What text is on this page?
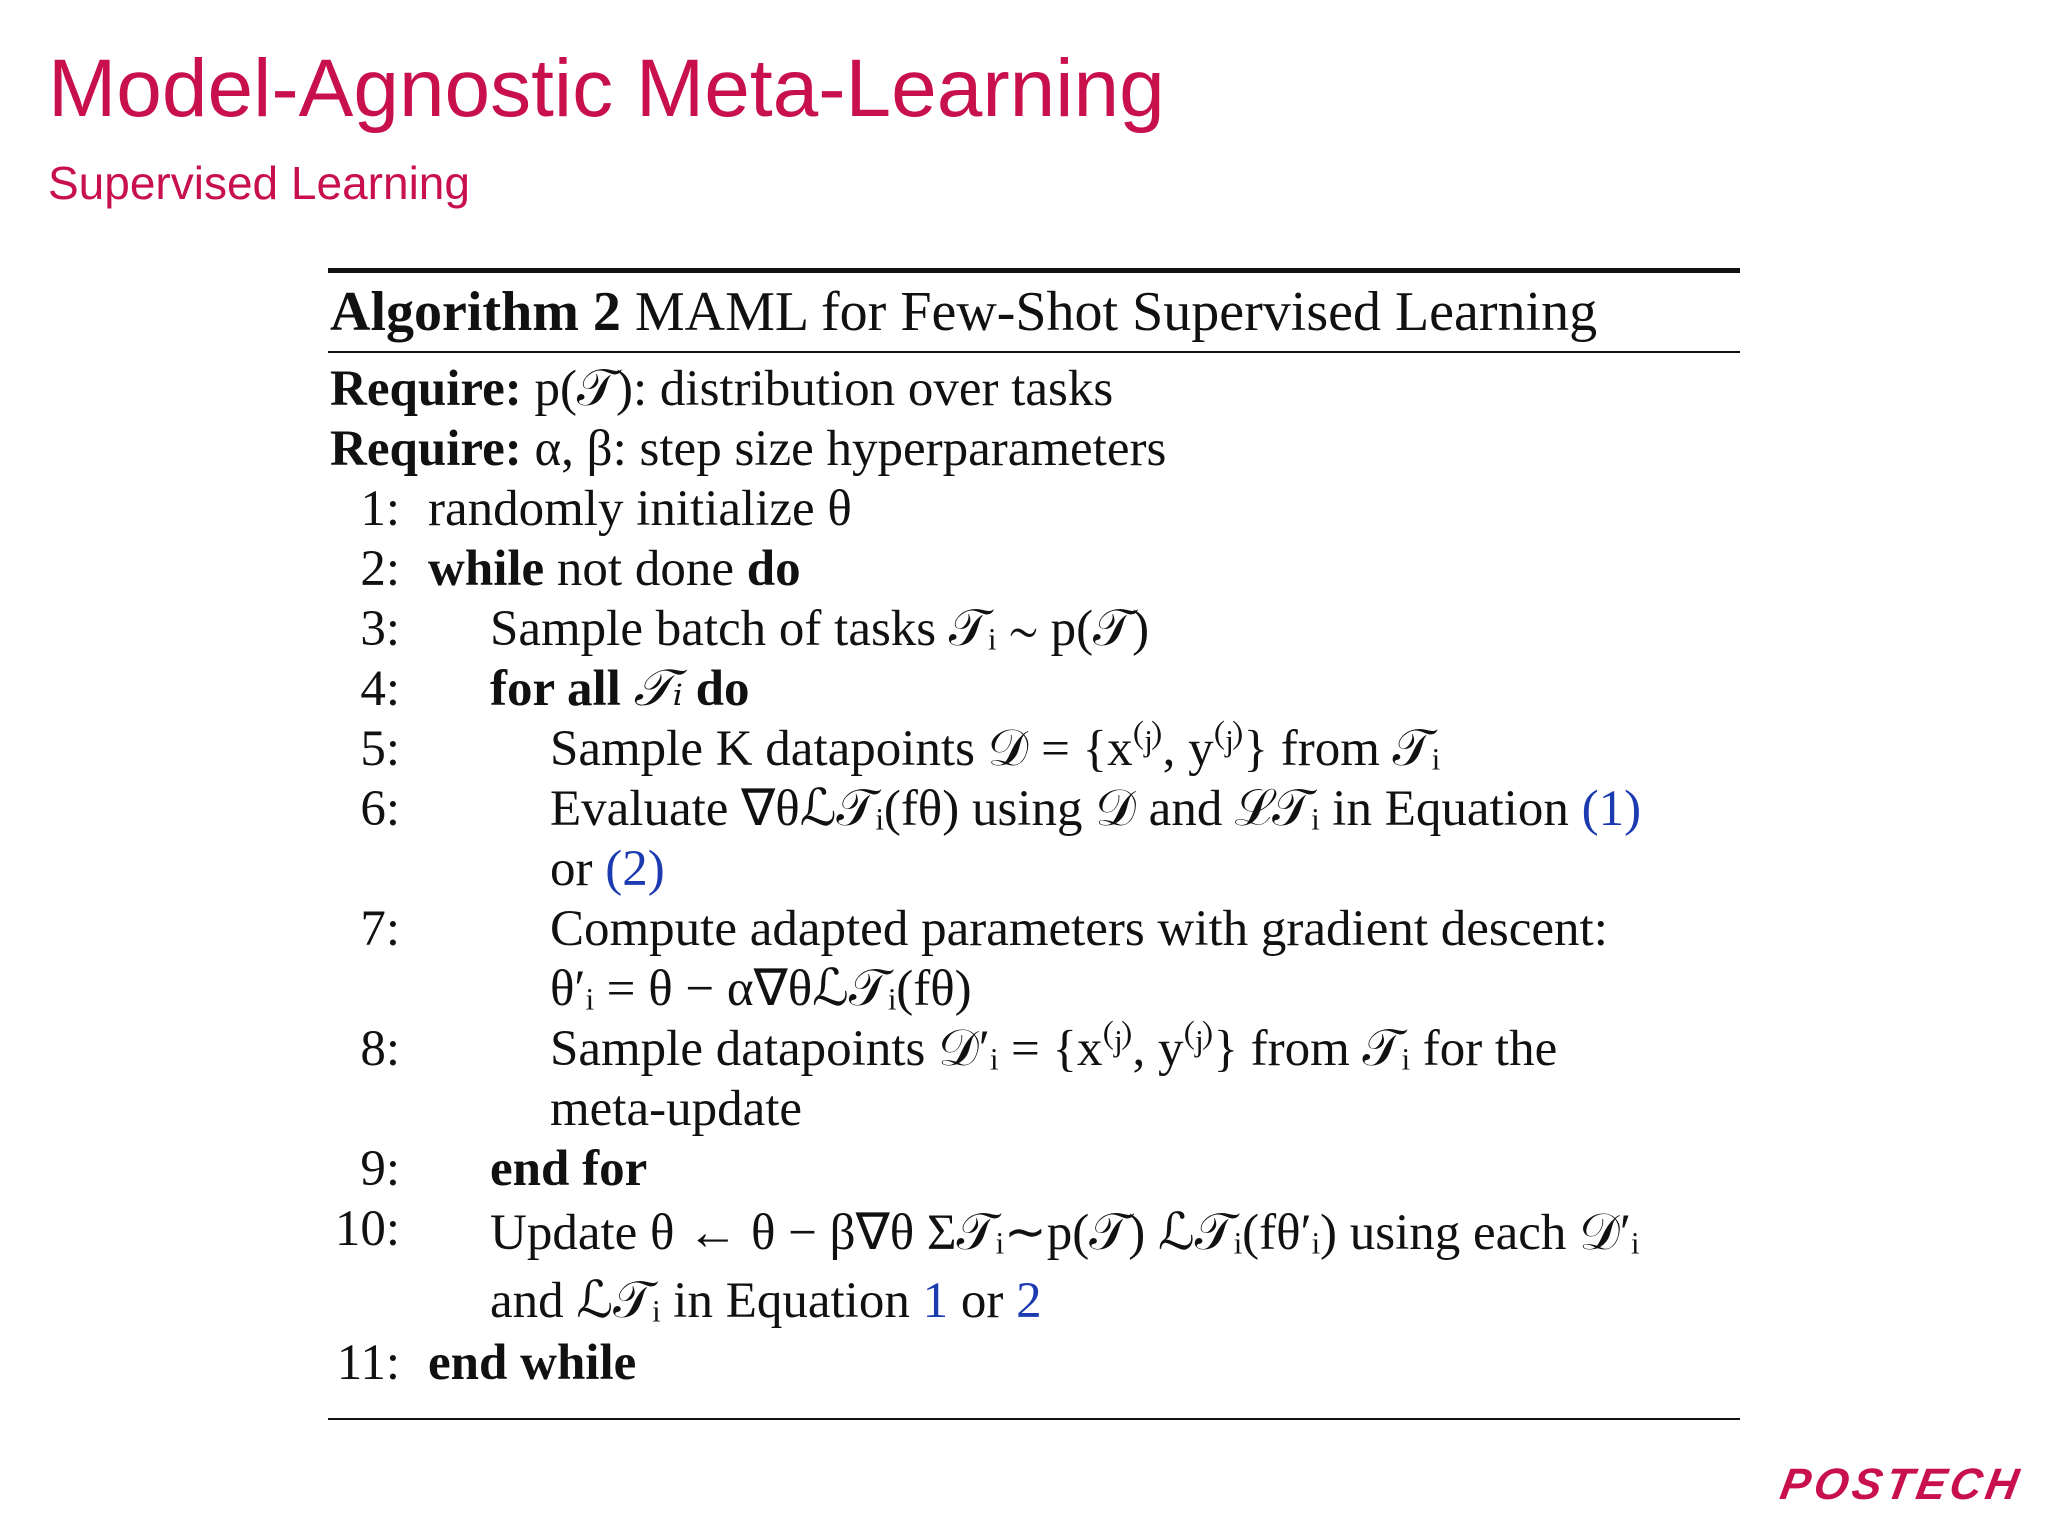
Model-Agnostic Meta-Learning
Supervised Learning
Algorithm 2 MAML for Few-Shot Supervised Learning
Require: p(𝒯): distribution over tasks
Require: α, β: step size hyperparameters
1: randomly initialize θ
2: while not done do
3: Sample batch of tasks 𝒯ᵢ ∼ p(𝒯)
4: for all 𝒯ᵢ do
5:	Sample K datapoints 𝒟 = {x⁽ʲ⁾, y⁽ʲ⁾} from 𝒯ᵢ
6:	Evaluate ∇θℒ𝒯ᵢ(fθ) using 𝒟 and ℒ𝒯ᵢ in Equation (1)
or (2)
7:	Compute adapted parameters with gradient descent:
θ′ᵢ = θ − α∇θℒ𝒯ᵢ(fθ)
8:	Sample datapoints 𝒟′ᵢ = {x⁽ʲ⁾, y⁽ʲ⁾} from 𝒯ᵢ for the
meta-update
9: end for
10: Update θ ← θ − β∇θ Σ𝒯ᵢ∼p(𝒯) ℒ𝒯ᵢ(fθ′ᵢ) using each 𝒟′ᵢ
and ℒ𝒯ᵢ in Equation 1 or 2
11: end while
POSTECH
